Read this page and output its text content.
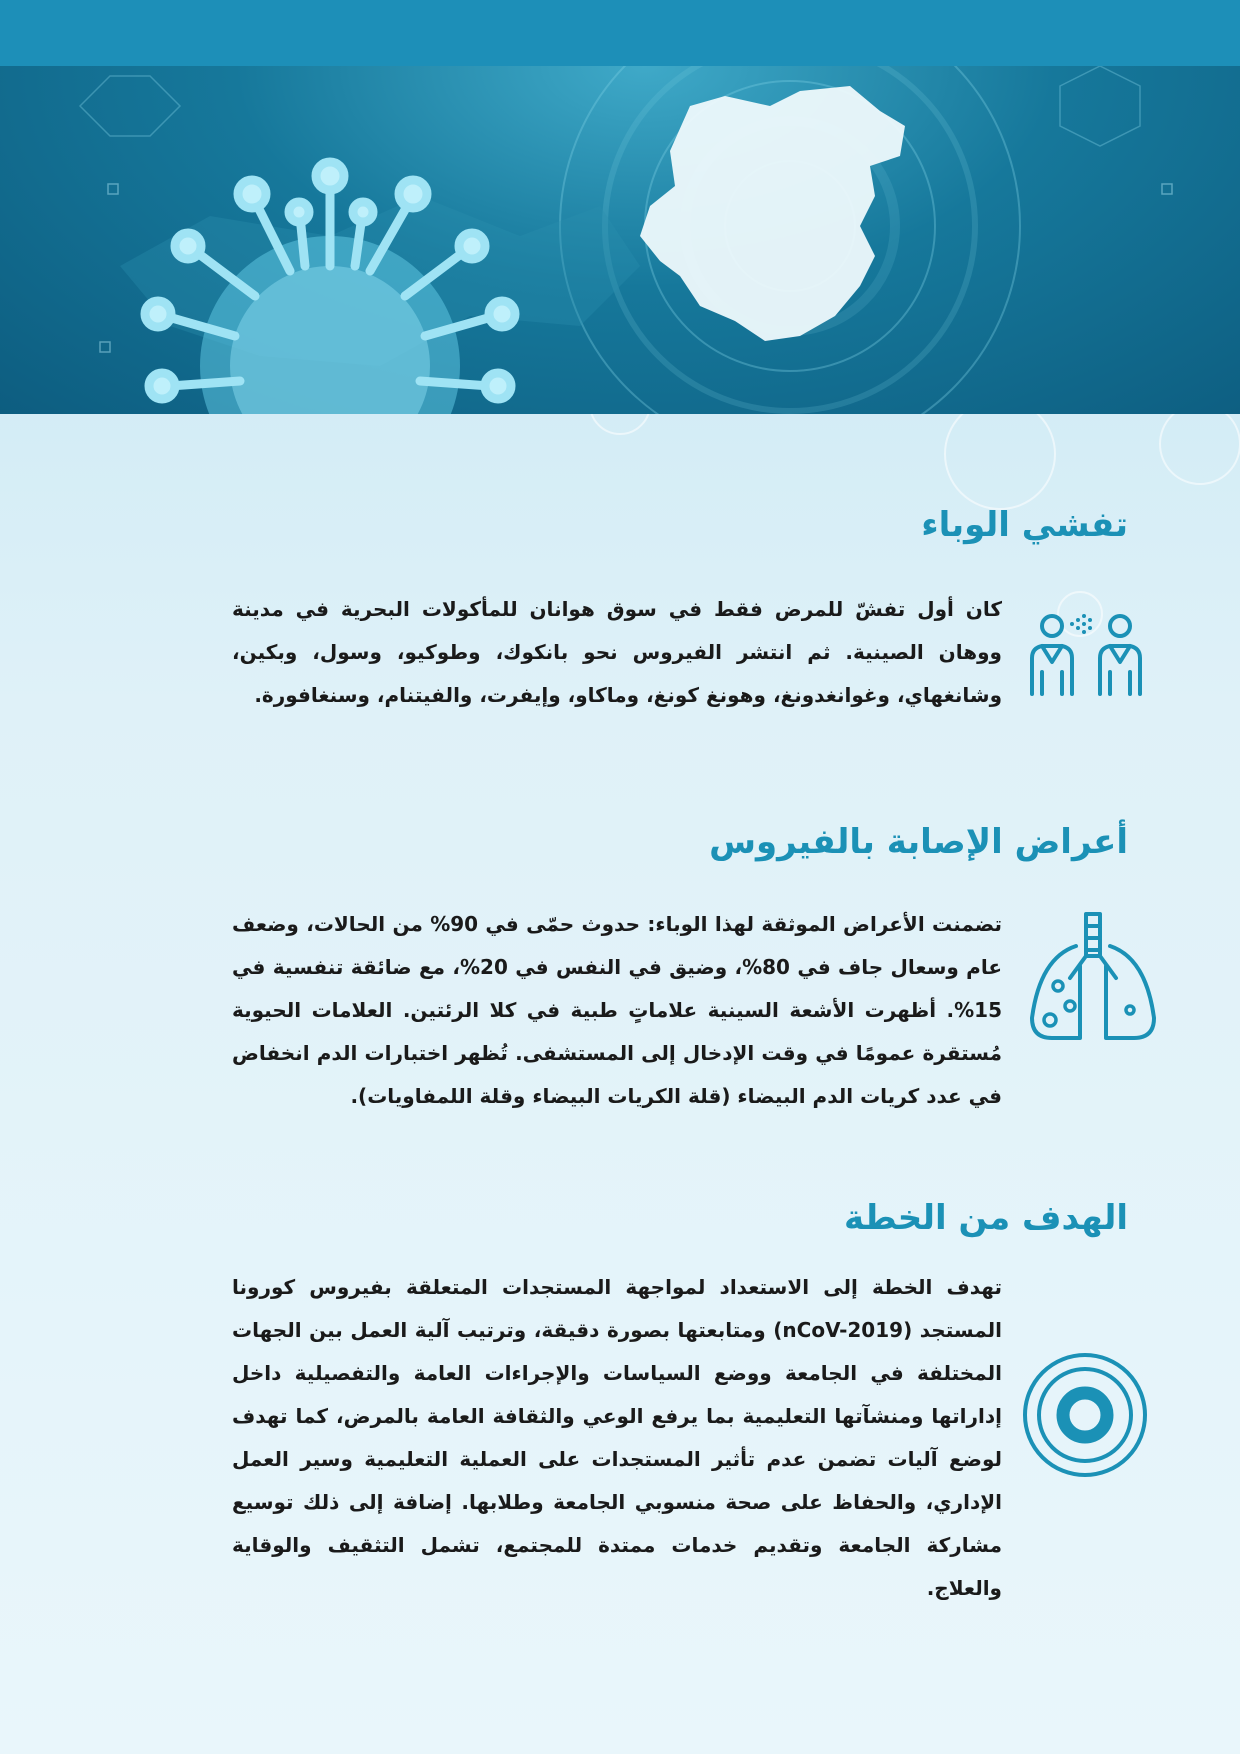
تفشي الوباء

كان أول تفشّ للمرض فقط في سوق هوانان للمأكولات البحرية في مدينة ووهان الصينية. ثم انتشر الفيروس نحو بانكوك، وطوكيو، وسول، وبكين، وشانغهاي، وغوانغدونغ، وهونغ كونغ، وماكاو، وإيفرت، والفيتنام، وسنغافورة.

أعراض الإصابة بالفيروس

تضمنت الأعراض الموثقة لهذا الوباء: حدوث حمّى في 90% من الحالات، وضعف عام وسعال جاف في 80%، وضيق في النفس في 20%، مع ضائقة تنفسية في 15%. أظهرت الأشعة السينية علاماتٍ طبية في كلا الرئتين. العلامات الحيوية مُستقرة عمومًا في وقت الإدخال إلى المستشفى. تُظهر اختبارات الدم انخفاض في عدد كريات الدم البيضاء (قلة الكريات البيضاء وقلة اللمفاويات).

الهدف من الخطة

تهدف الخطة إلى الاستعداد لمواجهة المستجدات المتعلقة بفيروس كورونا المستجد (nCoV-2019) ومتابعتها بصورة دقيقة، وترتيب آلية العمل بين الجهات المختلفة في الجامعة ووضع السياسات والإجراءات العامة والتفصيلية داخل إداراتها ومنشآتها التعليمية بما يرفع الوعي والثقافة العامة بالمرض، كما تهدف لوضع آليات تضمن عدم تأثير المستجدات على العملية التعليمية وسير العمل الإداري، والحفاظ على صحة منسوبي الجامعة وطلابها. إضافة إلى ذلك توسيع مشاركة الجامعة وتقديم خدمات ممتدة للمجتمع، تشمل التثقيف والوقاية والعلاج.
